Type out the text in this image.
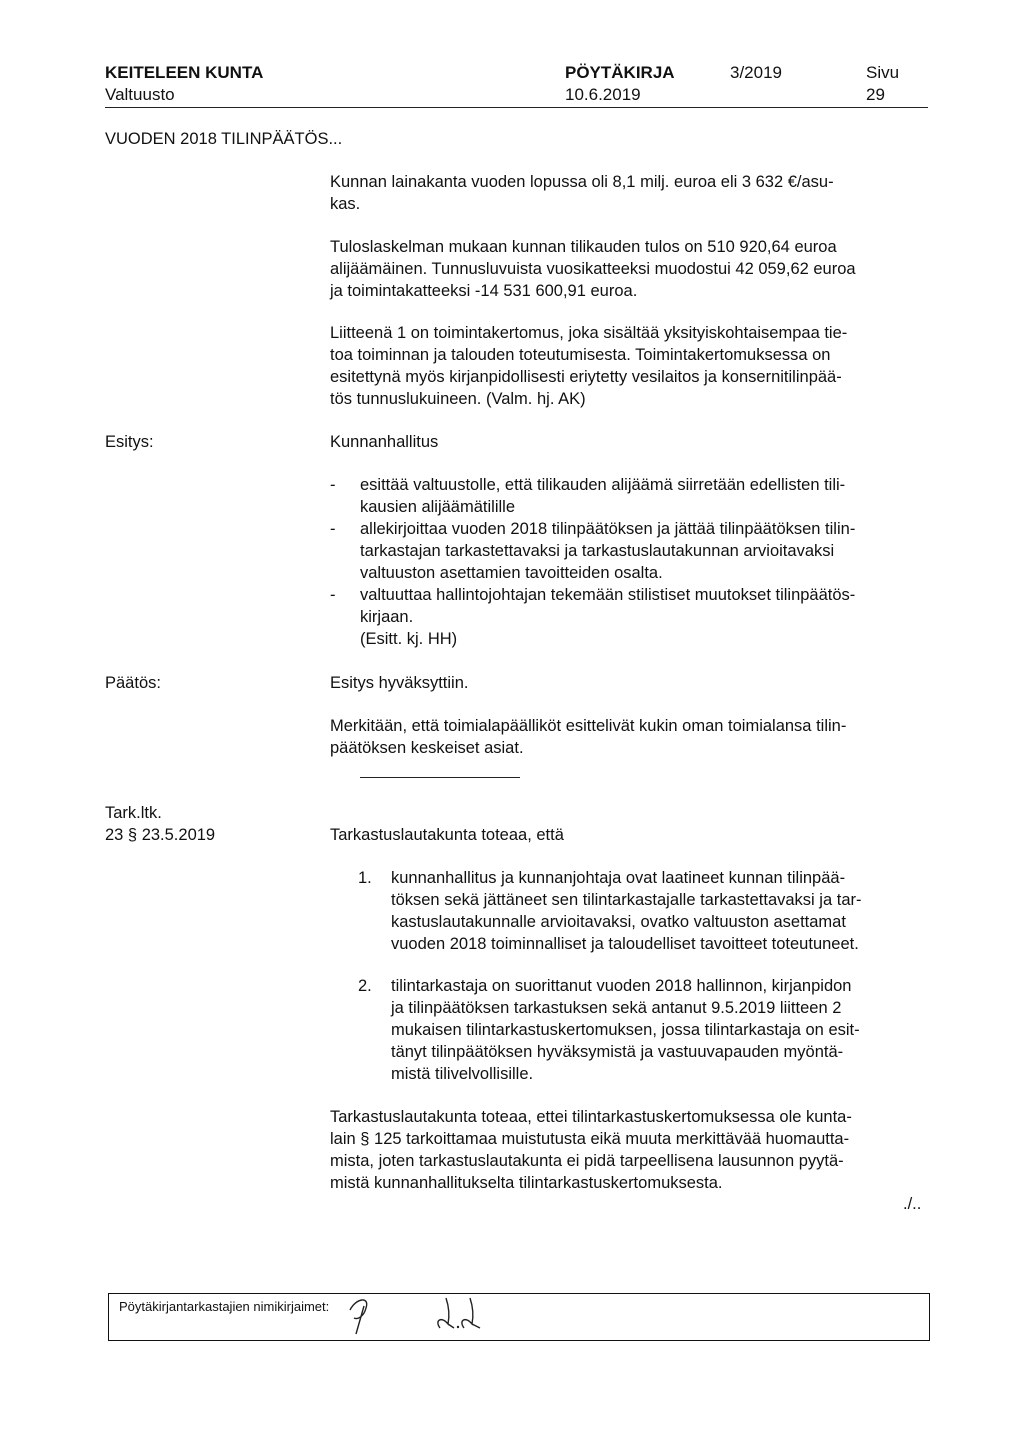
KEITELEEN KUNTA	PÖYTÄKIRJA	3/2019	Sivu
Valtuusto	10.6.2019	29
VUODEN 2018 TILINPÄÄTÖS...
Kunnan lainakanta vuoden lopussa oli 8,1 milj. euroa eli 3 632 €/asu-
kas.
Tuloslaskelman mukaan kunnan tilikauden tulos on 510 920,64 euroa
alijäämäinen. Tunnusluvuista vuosikatteeksi muodostui 42 059,62 euroa
ja toimintakatteeksi -14 531 600,91 euroa.
Liitteenä 1 on toimintakertomus, joka sisältää yksityiskohtaisempaa tie-
toa toiminnan ja talouden toteutumisesta. Toimintakertomuksessa on
esitettynä myös kirjanpidollisesti eriytetty vesilaitos ja konsernitilinpää-
tös tunnuslukuineen. (Valm. hj. AK)
Esitys:	Kunnanhallitus
-	esittää valtuustolle, että tilikauden alijäämä siirretään edellisten tili-
kausien alijäämätilille
-	allekirjoittaa vuoden 2018 tilinpäätöksen ja jättää tilinpäätöksen tilin-
tarkastajan tarkastettavaksi ja tarkastuslautakunnan arvioitavaksi
valtuuston asettamien tavoitteiden osalta.
-	valtuuttaa hallintojohtajan tekemään stilistiset muutokset tilinpäätös-
kirjaan.
(Esitt. kj. HH)
Päätös:	Esitys hyväksyttiin.
Merkitään, että toimialapäälliköt esittelivät kukin oman toimialansa tilin-
päätöksen keskeiset asiat.
Tark.ltk.
23 § 23.5.2019	Tarkastuslautakunta toteaa, että
1.	kunnanhallitus ja kunnanjohtaja ovat laatineet kunnan tilinpää-
töksen sekä jättäneet sen tilintarkastajalle tarkastettavaksi ja tar-
kastuslautakunnalle arvioitavaksi, ovatko valtuuston asettamat
vuoden 2018 toiminnalliset ja taloudelliset tavoitteet toteutuneet.
2.	tilintarkastaja on suorittanut vuoden 2018 hallinnon, kirjanpidon
ja tilinpäätöksen tarkastuksen sekä antanut 9.5.2019 liitteen 2
mukaisen tilintarkastuskertomuksen, jossa tilintarkastaja on esit-
tänyt tilinpäätöksen hyväksymistä ja vastuuvapauden myöntä-
mistä tilivelvollisille.
Tarkastuslautakunta toteaa, ettei tilintarkastuskertomuksessa ole kunta-
lain § 125 tarkoittamaa muistutusta eikä muuta merkittävää huomautta-
mista, joten tarkastuslautakunta ei pidä tarpeellisena lausunnon pyytä-
mistä kunnanhallitukselta tilintarkastuskertomuksesta.
./..
Pöytäkirjantarkastajien nimikirjaimet:
